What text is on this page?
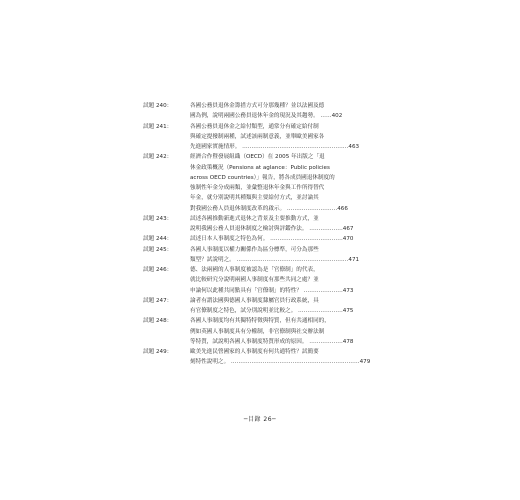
試題 240：	各國公務員退休金籌措方式可分那幾種？並以法國及德
國為例，說明兩國公務員退休年金的現況及其趨勢。 ……402
試題 241：	各國公務員退休金之給付類型，通常分有確定給付制
與確定提撥制兩種，試述該兩制意義，並舉歐美國家各
先進國家實施情形。 …………………………………………………463
試題 242：	經濟合作暨發展組織（OECD）在 2005 年出版之「退
休金政策概況（Pensions at aglance：Public policies
across OECD countries）」報告，將各成員國退休制度的
強制性年金分成兩類，並彙整退休年金與工作所得替代
年金，就分別說明其種類與主要給付方式，並討論其
對我國公務人員退休制度改革的啟示。 ………………………466
試題 243：	試述各國推動新進式退休之背景及主要推動方式，並
說明我國公務人員退休制度之檢討與評鑑作法。 ………………467
試題 244：	試述日本人事制度之特色為何。 …………………………………470
試題 245：	各國人事制度以權力關係作為區分標準，可分為那些
類型？試說明之。 ……………………………………………………471
試題 246：	德、法兩國的人事制度被認為是「官僚制」的代表，
就比較研究分說明兩國人事制度有那些共同之處？並
申論何以此種共同點具有「官僚制」的特性？ …………………473
試題 247：	論者有謂法國與德國人事制度隸屬官員行政系統，具
有官僚制度之特色，試分別說明並比較之。 ……………………475
試題 248：	各國人事制度均有其獨特特徵與特質，但有共通相同的，
例如英國人事制度具有分權制，非官僚制與社交辦法制
等特質，試說明各國人事制度特質形成的原因。 ………………478
試題 249：	歐美先進民營國家的人事制度有何共通特性？試簡要
刻特性說明之。 ……………………………………………………………479
─目錄 26─
